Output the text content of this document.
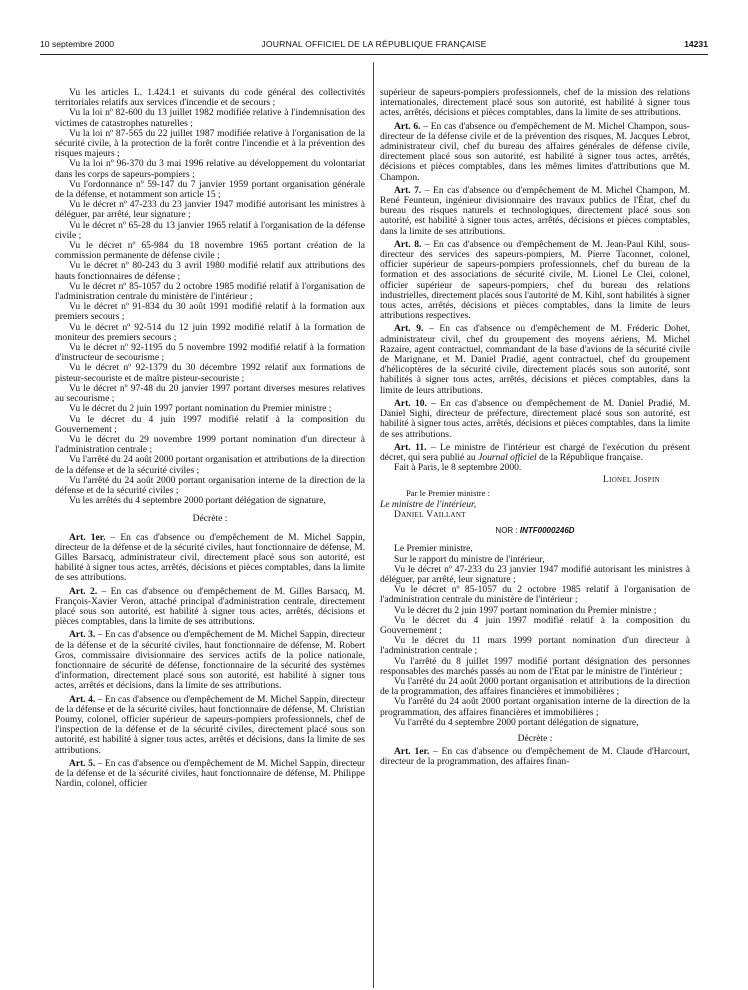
10 septembre 2000	JOURNAL OFFICIEL DE LA RÉPUBLIQUE FRANÇAISE	14231

Vu les articles L. 1.424.1 et suivants du code général des collectivités territoriales relatifs aux services d'incendie et de secours ;

Vu la loi nº 82-600 du 13 juillet 1982 modifiée relative à l'indemnisation des victimes de catastrophes naturelles ;

Vu la loi nº 87-565 du 22 juillet 1987 modifiée relative à l'organisation de la sécurité civile, à la protection de la forêt contre l'incendie et à la prévention des risques majeurs ;

Vu la loi nº 96-370 du 3 mai 1996 relative au développement du volontariat dans les corps de sapeurs-pompiers ;

Vu l'ordonnance nº 59-147 du 7 janvier 1959 portant organisation générale de la défense, et notamment son article 15 ;

Vu le décret nº 47-233 du 23 janvier 1947 modifié autorisant les ministres à déléguer, par arrêté, leur signature ;

Vu le décret nº 65-28 du 13 janvier 1965 relatif à l'organisation de la défense civile ;

Vu le décret nº 65-984 du 18 novembre 1965 portant création de la commission permanente de défense civile ;

Vu le décret nº 80-243 du 3 avril 1980 modifié relatif aux attributions des hauts fonctionnaires de défense ;

Vu le décret nº 85-1057 du 2 octobre 1985 modifié relatif à l'organisation de l'administration centrale du ministère de l'intérieur ;

Vu le décret nº 91-834 du 30 août 1991 modifié relatif à la formation aux premiers secours ;

Vu le décret nº 92-514 du 12 juin 1992 modifié relatif à la formation de moniteur des premiers secours ;

Vu le décret nº 92-1195 du 5 novembre 1992 modifié relatif à la formation d'instructeur de secourisme ;

Vu le décret nº 92-1379 du 30 décembre 1992 relatif aux formations de pisteur-secouriste et de maître pisteur-secouriste ;

Vu le décret nº 97-48 du 20 janvier 1997 portant diverses mesures relatives au secourisme ;

Vu le décret du 2 juin 1997 portant nomination du Premier ministre ;

Vu le décret du 4 juin 1997 modifié relatif à la composition du Gouvernement ;

Vu le décret du 29 novembre 1999 portant nomination d'un directeur à l'administration centrale ;

Vu l'arrêté du 24 août 2000 portant organisation et attributions de la direction de la défense et de la sécurité civiles ;

Vu l'arrêté du 24 août 2000 portant organisation interne de la direction de la défense et de la sécurité civiles ;

Vu les arrêtés du 4 septembre 2000 portant délégation de signature,

Décrète :

Art. 1er. – En cas d'absence ou d'empêchement de M. Michel Sappin, directeur de la défense et de la sécurité civiles, haut fonctionnaire de défense, M. Gilles Barsacq, administrateur civil, directement placé sous son autorité, est habilité à signer tous actes, arrêtés, décisions et pièces comptables, dans la limite de ses attributions.

Art. 2. – En cas d'absence ou d'empêchement de M. Gilles Barsacq, M. François-Xavier Veron, attaché principal d'administration centrale, directement placé sous son autorité, est habilité à signer tous actes, arrêtés, décisions et pièces comptables, dans la limite de ses attributions.

Art. 3. – En cas d'absence ou d'empêchement de M. Michel Sappin, directeur de la défense et de la sécurité civiles, haut fonctionnaire de défense, M. Robert Gros, commissaire divisionnaire des services actifs de la police nationale, fonctionnaire de sécurité de défense, fonctionnaire de la sécurité des systèmes d'information, directement placé sous son autorité, est habilité à signer tous actes, arrêtés et décisions, dans la limite de ses attributions.

Art. 4. – En cas d'absence ou d'empêchement de M. Michel Sappin, directeur de la défense et de la sécurité civiles, haut fonctionnaire de défense, M. Christian Poumy, colonel, officier supérieur de sapeurs-pompiers professionnels, chef de l'inspection de la défense et de la sécurité civiles, directement placé sous son autorité, est habilité à signer tous actes, arrêtés et décisions, dans la limite de ses attributions.

Art. 5. – En cas d'absence ou d'empêchement de M. Michel Sappin, directeur de la défense et de la sécurité civiles, haut fonctionnaire de défense, M. Philippe Nardin, colonel, officier

supérieur de sapeurs-pompiers professionnels, chef de la mission des relations internationales, directement placé sous son autorité, est habilité à signer tous actes, arrêtés, décisions et pièces comptables, dans la limite de ses attributions.

Art. 6. – En cas d'absence ou d'empêchement de M. Michel Champon, sous-directeur de la défense civile et de la prévention des risques, M. Jacques Lebrot, administrateur civil, chef du bureau des affaires générales de défense civile, directement placé sous son autorité, est habilité à signer tous actes, arrêtés, décisions et pièces comptables, dans les mêmes limites d'attributions que M. Champon.

Art. 7. – En cas d'absence ou d'empêchement de M. Michel Champon, M. René Feunteun, ingénieur divisionnaire des travaux publics de l'État, chef du bureau des risques naturels et technologiques, directement placé sous son autorité, est habilité à signer tous actes, arrêtés, décisions et pièces comptables, dans la limite de ses attributions.

Art. 8. – En cas d'absence ou d'empêchement de M. Jean-Paul Kihl, sous-directeur des services des sapeurs-pompiers, M. Pierre Taconnet, colonel, officier supérieur de sapeurs-pompiers professionnels, chef du bureau de la formation et des associations de sécurité civile, M. Lionel Le Clei, colonel, officier supérieur de sapeurs-pompiers, chef du bureau des relations industrielles, directement placés sous l'autorité de M. Kihl, sont habilités à signer tous actes, arrêtés, décisions et pièces comptables, dans la limite de leurs attributions respectives.

Art. 9. – En cas d'absence ou d'empêchement de M. Fréderic Dohet, administrateur civil, chef du groupement des moyens aériens, M. Michel Razaire, agent contractuel, commandant de la base d'avions de la sécurité civile de Marignane, et M. Daniel Pradié, agent contractuel, chef du groupement d'hélicoptères de la sécurité civile, directement placés sous son autorité, sont habilités à signer tous actes, arrêtés, décisions et pièces comptables, dans la limite de leurs attributions.

Art. 10. – En cas d'absence ou d'empêchement de M. Daniel Pradié, M. Daniel Sighi, directeur de préfecture, directement placé sous son autorité, est habilité à signer tous actes, arrêtés, décisions et pièces comptables, dans la limite de ses attributions.

Art. 11. – Le ministre de l'intérieur est chargé de l'exécution du présent décret, qui sera publié au Journal officiel de la République française.

Fait à Paris, le 8 septembre 2000.

Lionel Jospin

Par le Premier ministre :

Le ministre de l'intérieur,

Daniel Vaillant

NOR : INTF0000246D

Le Premier ministre,

Sur le rapport du ministre de l'intérieur,

Vu le décret nº 47-233 du 23 janvier 1947 modifié autorisant les ministres à déléguer, par arrêté, leur signature ;

Vu le décret nº 85-1057 du 2 octobre 1985 relatif à l'organisation de l'administration centrale du ministère de l'intérieur ;

Vu le décret du 2 juin 1997 portant nomination du Premier ministre ;

Vu le décret du 4 juin 1997 modifié relatif à la composition du Gouvernement ;

Vu le décret du 11 mars 1999 portant nomination d'un directeur à l'administration centrale ;

Vu l'arrêté du 8 juillet 1997 modifié portant désignation des personnes responsables des marchés passés au nom de l'Etat par le ministre de l'intérieur ;

Vu l'arrêté du 24 août 2000 portant organisation et attributions de la direction de la programmation, des affaires financières et immobilières ;

Vu l'arrêté du 24 août 2000 portant organisation interne de la direction de la programmation, des affaires financières et immobilières ;

Vu l'arrêté du 4 septembre 2000 portant délégation de signature,

Décrète :

Art. 1er. – En cas d'absence ou d'empêchement de M. Claude d'Harcourt, directeur de la programmation, des affaires finan-
